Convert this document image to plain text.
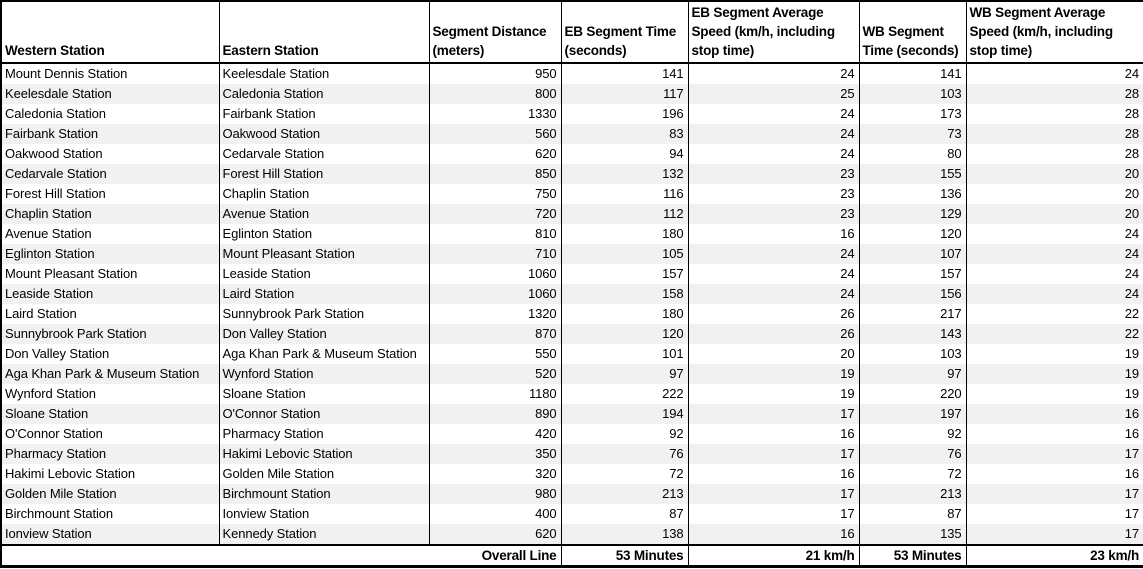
Western Station	Eastern Station	Segment Distance (meters)	EB Segment Time (seconds)	EB Segment Average Speed (km/h, including stop time)	WB Segment Time (seconds)	WB Segment Average Speed (km/h, including stop time)
Mount Dennis Station	Keelesdale Station	950	141	24	141	24
Keelesdale Station	Caledonia Station	800	117	25	103	28
Caledonia Station	Fairbank Station	1330	196	24	173	28
Fairbank Station	Oakwood Station	560	83	24	73	28
Oakwood Station	Cedarvale Station	620	94	24	80	28
Cedarvale Station	Forest Hill Station	850	132	23	155	20
Forest Hill Station	Chaplin Station	750	116	23	136	20
Chaplin Station	Avenue Station	720	112	23	129	20
Avenue Station	Eglinton Station	810	180	16	120	24
Eglinton Station	Mount Pleasant Station	710	105	24	107	24
Mount Pleasant Station	Leaside Station	1060	157	24	157	24
Leaside Station	Laird Station	1060	158	24	156	24
Laird Station	Sunnybrook Park Station	1320	180	26	217	22
Sunnybrook Park Station	Don Valley Station	870	120	26	143	22
Don Valley Station	Aga Khan Park & Museum Station	550	101	20	103	19
Aga Khan Park & Museum Station	Wynford Station	520	97	19	97	19
Wynford Station	Sloane Station	1180	222	19	220	19
Sloane Station	O'Connor Station	890	194	17	197	16
O'Connor Station	Pharmacy Station	420	92	16	92	16
Pharmacy Station	Hakimi Lebovic Station	350	76	17	76	17
Hakimi Lebovic Station	Golden Mile Station	320	72	16	72	16
Golden Mile Station	Birchmount Station	980	213	17	213	17
Birchmount Station	Ionview Station	400	87	17	87	17
Ionview Station	Kennedy Station	620	138	16	135	17
Overall Line			53 Minutes	21 km/h	53 Minutes	23 km/h
